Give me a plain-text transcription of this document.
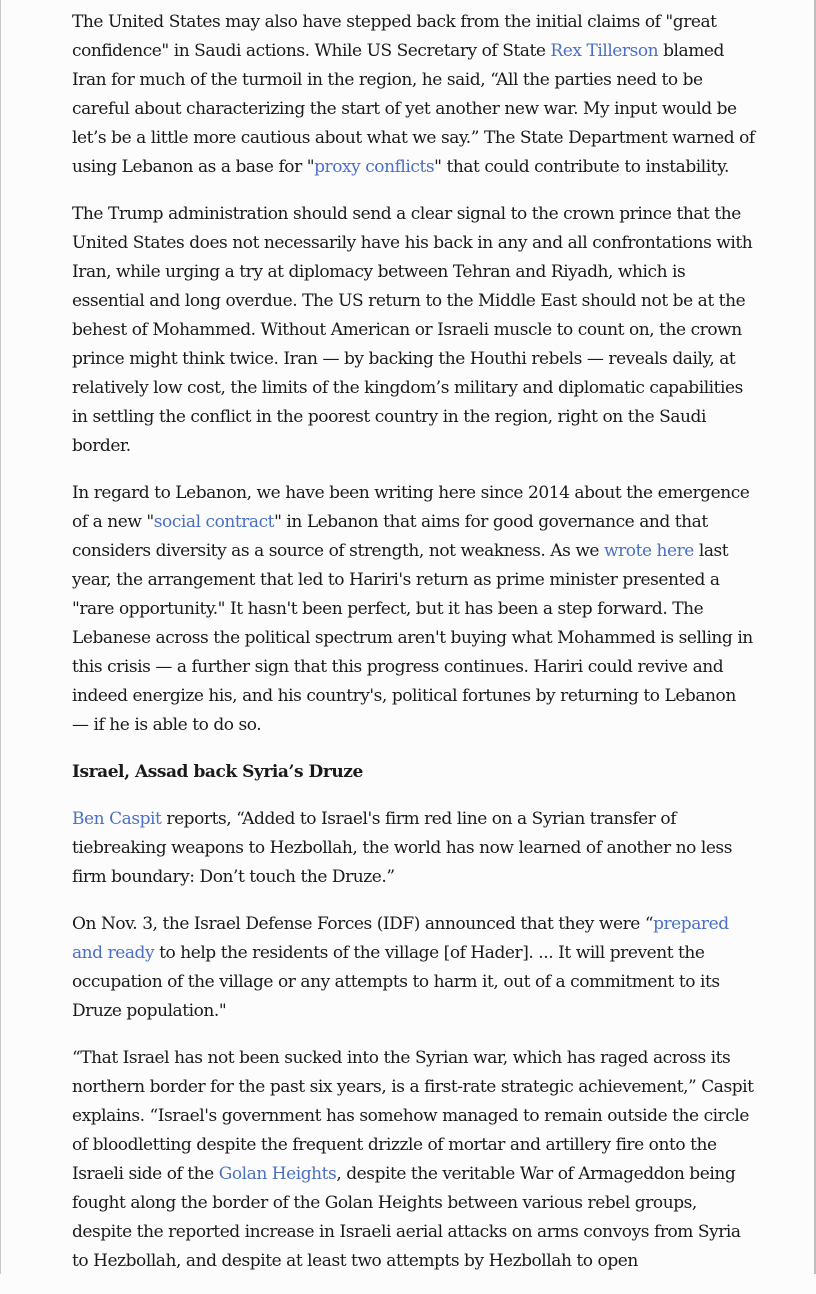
The United States may also have stepped back from the initial claims of "great confidence" in Saudi actions. While US Secretary of State Rex Tillerson blamed Iran for much of the turmoil in the region, he said, “All the parties need to be careful about characterizing the start of yet another new war. My input would be let’s be a little more cautious about what we say.” The State Department warned of using Lebanon as a base for "proxy conflicts" that could contribute to instability.

The Trump administration should send a clear signal to the crown prince that the United States does not necessarily have his back in any and all confrontations with Iran, while urging a try at diplomacy between Tehran and Riyadh, which is essential and long overdue. The US return to the Middle East should not be at the behest of Mohammed. Without American or Israeli muscle to count on, the crown prince might think twice. Iran — by backing the Houthi rebels — reveals daily, at relatively low cost, the limits of the kingdom’s military and diplomatic capabilities in settling the conflict in the poorest country in the region, right on the Saudi border.

In regard to Lebanon, we have been writing here since 2014 about the emergence of a new "social contract" in Lebanon that aims for good governance and that considers diversity as a source of strength, not weakness. As we wrote here last year, the arrangement that led to Hariri's return as prime minister presented a "rare opportunity." It hasn't been perfect, but it has been a step forward. The Lebanese across the political spectrum aren't buying what Mohammed is selling in this crisis — a further sign that this progress continues. Hariri could revive and indeed energize his, and his country's, political fortunes by returning to Lebanon — if he is able to do so.

Israel, Assad back Syria’s Druze

Ben Caspit reports, “Added to Israel's firm red line on a Syrian transfer of tiebreaking weapons to Hezbollah, the world has now learned of another no less firm boundary: Don’t touch the Druze.”

On Nov. 3, the Israel Defense Forces (IDF) announced that they were “prepared and ready to help the residents of the village [of Hader]. ... It will prevent the occupation of the village or any attempts to harm it, out of a commitment to its Druze population."

“That Israel has not been sucked into the Syrian war, which has raged across its northern border for the past six years, is a first-rate strategic achievement,” Caspit explains. “Israel's government has somehow managed to remain outside the circle of bloodletting despite the frequent drizzle of mortar and artillery fire onto the Israeli side of the Golan Heights, despite the veritable War of Armageddon being fought along the border of the Golan Heights between various rebel groups, despite the reported increase in Israeli aerial attacks on arms convoys from Syria to Hezbollah, and despite at least two attempts by Hezbollah to open
